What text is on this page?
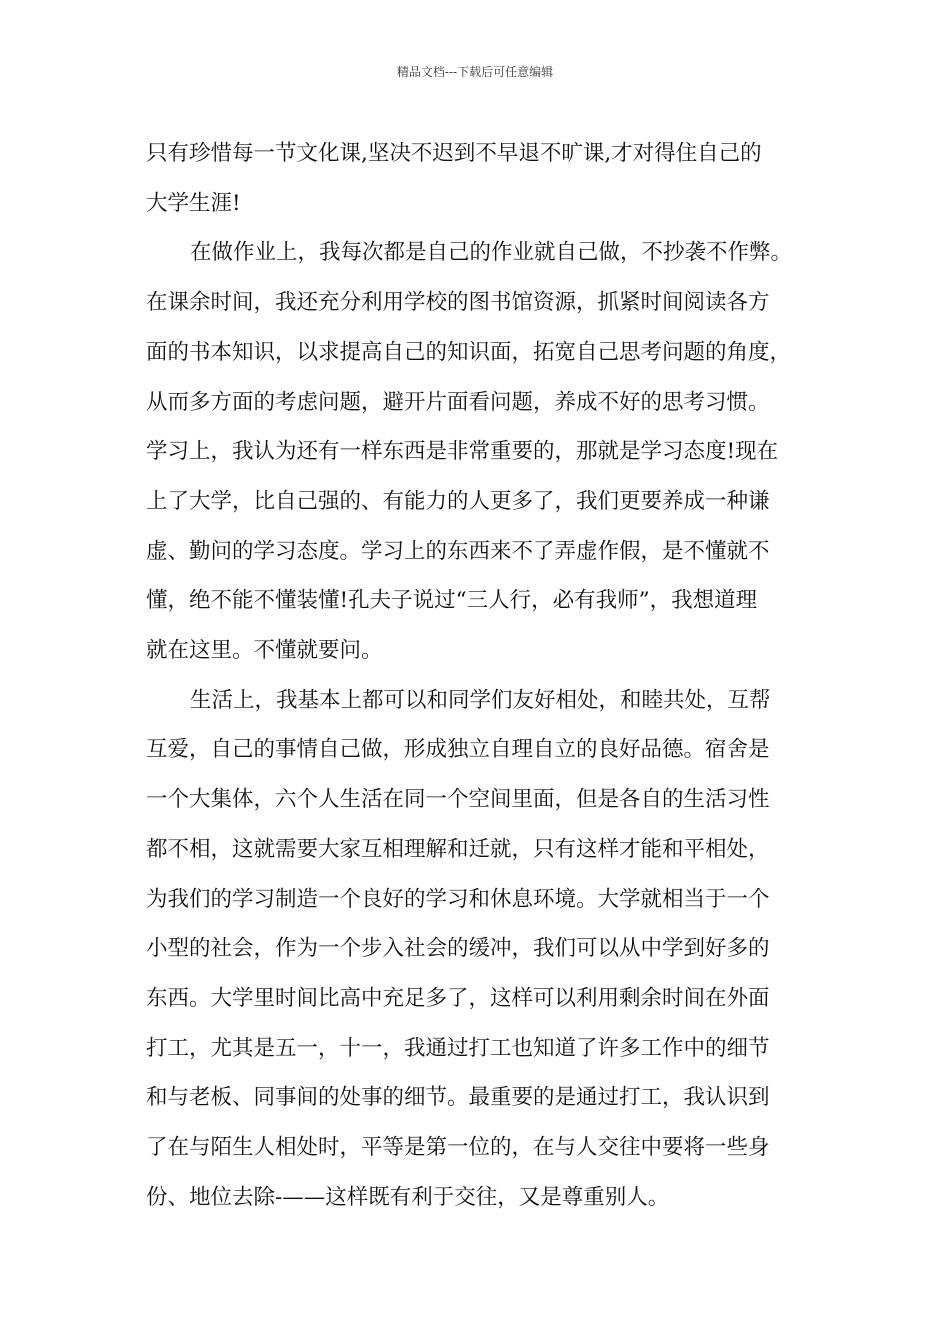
精品文档---下载后可任意编辑
只有珍惜每一节文化课,坚决不迟到不早退不旷课,才对得住自己的
大学生涯!
在做作业上，我每次都是自己的作业就自己做，不抄袭不作弊。
在课余时间，我还充分利用学校的图书馆资源，抓紧时间阅读各方
面的书本知识，以求提高自己的知识面，拓宽自己思考问题的角度，
从而多方面的考虑问题，避开片面看问题，养成不好的思考习惯。
学习上，我认为还有一样东西是非常重要的，那就是学习态度!现在
上了大学，比自己强的、有能力的人更多了，我们更要养成一种谦
虚、勤问的学习态度。学习上的东西来不了弄虚作假，是不懂就不
懂，绝不能不懂装懂!孔夫子说过“三人行，必有我师”，我想道理
就在这里。不懂就要问。
生活上，我基本上都可以和同学们友好相处，和睦共处，互帮
互爱，自己的事情自己做，形成独立自理自立的良好品德。宿舍是
一个大集体，六个人生活在同一个空间里面，但是各自的生活习性
都不相，这就需要大家互相理解和迁就，只有这样才能和平相处，
为我们的学习制造一个良好的学习和休息环境。大学就相当于一个
小型的社会，作为一个步入社会的缓冲，我们可以从中学到好多的
东西。大学里时间比高中充足多了，这样可以利用剩余时间在外面
打工，尤其是五一，十一，我通过打工也知道了许多工作中的细节
和与老板、同事间的处事的细节。最重要的是通过打工，我认识到
了在与陌生人相处时，平等是第一位的，在与人交往中要将一些身
份、地位去除-——这样既有利于交往，又是尊重别人。
